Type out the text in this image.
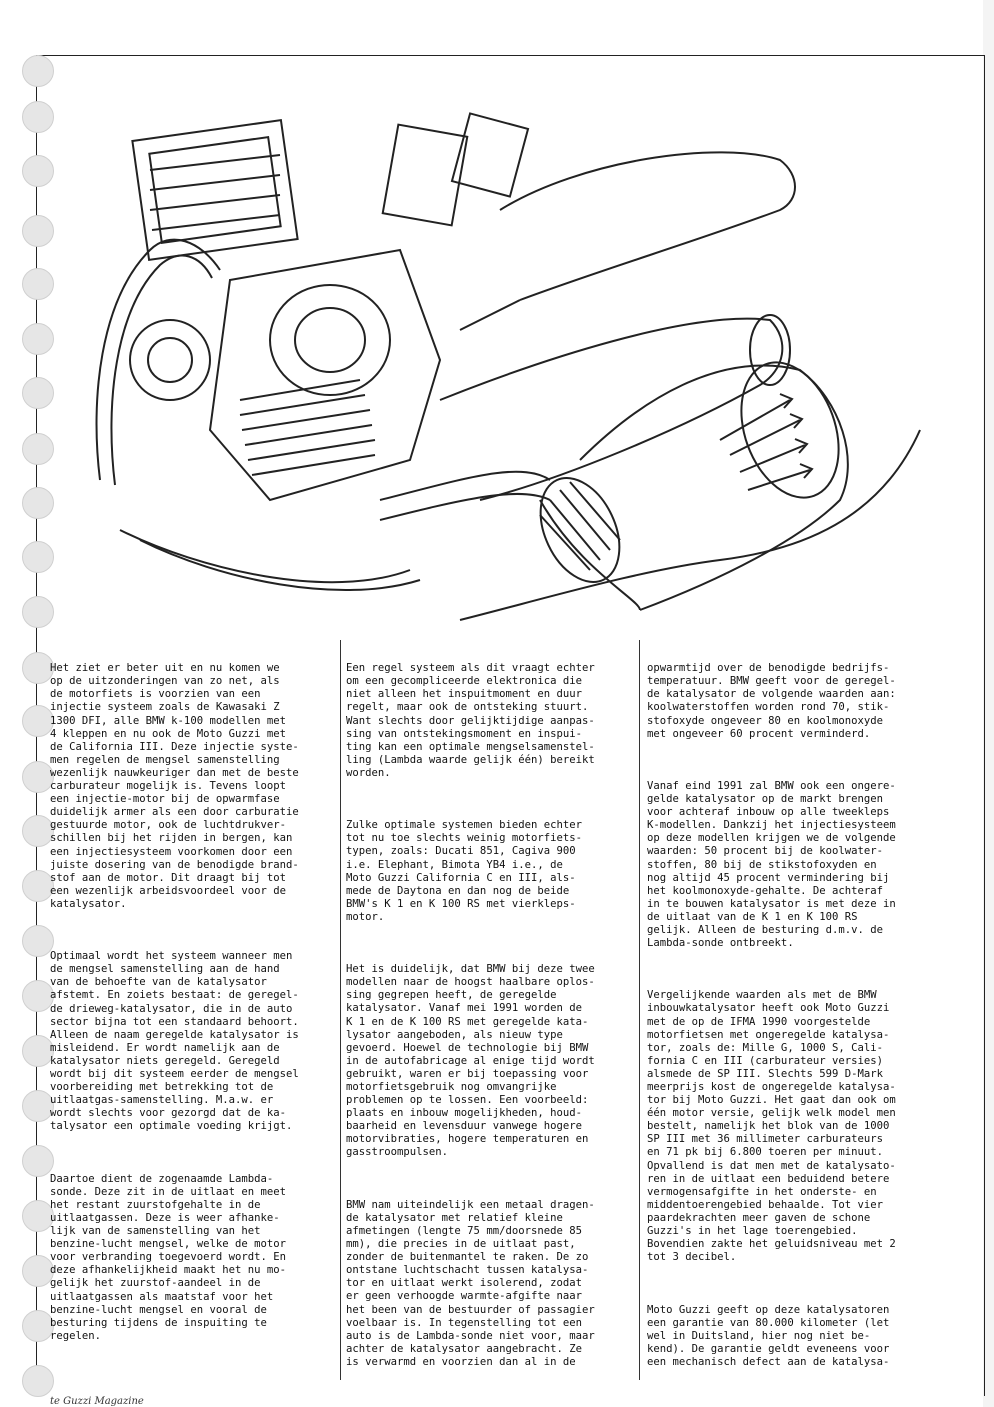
Het ziet er beter uit en nu komen we
op de uitzonderingen van zo net, als
de motorfiets is voorzien van een
injectie systeem zoals de Kawasaki Z
1300 DFI, alle BMW k-100 modellen met
4 kleppen en nu ook de Moto Guzzi met
de California III. Deze injectie syste-
men regelen de mengsel samenstelling
wezenlijk nauwkeuriger dan met de beste
carburateur mogelijk is. Tevens loopt
een injectie-motor bij de opwarmfase
duidelijk armer als een door carburatie
gestuurde motor, ook de luchtdrukver-
schillen bij het rijden in bergen, kan
een injectiesysteem voorkomen door een
juiste dosering van de benodigde brand-
stof aan de motor. Dit draagt bij tot
een wezenlijk arbeidsvoordeel voor de
katalysator.

Optimaal wordt het systeem wanneer men
de mengsel samenstelling aan de hand
van de behoefte van de katalysator
afstemt. En zoiets bestaat: de geregel-
de drieweg-katalysator, die in de auto
sector bijna tot een standaard behoort.
Alleen de naam geregelde katalysator is
misleidend. Er wordt namelijk aan de
katalysator niets geregeld. Geregeld
wordt bij dit systeem eerder de mengsel
voorbereiding met betrekking tot de
uitlaatgas-samenstelling. M.a.w. er
wordt slechts voor gezorgd dat de ka-
talysator een optimale voeding krijgt.

Daartoe dient de zogenaamde Lambda-
sonde. Deze zit in de uitlaat en meet
het restant zuurstofgehalte in de
uitlaatgassen. Deze is weer afhanke-
lijk van de samenstelling van het
benzine-lucht mengsel, welke de motor
voor verbranding toegevoerd wordt. En
deze afhankelijkheid maakt het nu mo-
gelijk het zuurstof-aandeel in de
uitlaatgassen als maatstaf voor het
benzine-lucht mengsel en vooral de
besturing tijdens de inspuiting te
regelen.

Een regel systeem als dit vraagt echter
om een gecompliceerde elektronica die
niet alleen het inspuitmoment en duur
regelt, maar ook de ontsteking stuurt.
Want slechts door gelijktijdige aanpas-
sing van ontstekingsmoment en inspui-
ting kan een optimale mengselsamenstel-
ling (Lambda waarde gelijk één) bereikt
worden.

Zulke optimale systemen bieden echter
tot nu toe slechts weinig motorfiets-
typen, zoals: Ducati 851, Cagiva 900
i.e. Elephant, Bimota YB4 i.e., de
Moto Guzzi California C en III, als-
mede de Daytona en dan nog de beide
BMW's K 1 en K 100 RS met vierkleps-
motor.

Het is duidelijk, dat BMW bij deze twee
modellen naar de hoogst haalbare oplos-
sing gegrepen heeft, de geregelde
katalysator. Vanaf mei 1991 worden de
K 1 en de K 100 RS met geregelde kata-
lysator aangeboden, als nieuw type
gevoerd. Hoewel de technologie bij BMW
in de autofabricage al enige tijd wordt
gebruikt, waren er bij toepassing voor
motorfietsgebruik nog omvangrijke
problemen op te lossen. Een voorbeeld:
plaats en inbouw mogelijkheden, houd-
baarheid en levensduur vanwege hogere
motorvibraties, hogere temperaturen en
gasstroompulsen.

BMW nam uiteindelijk een metaal dragen-
de katalysator met relatief kleine
afmetingen (lengte 75 mm/doorsnede 85
mm), die precies in de uitlaat past,
zonder de buitenmantel te raken. De zo
ontstane luchtschacht tussen katalysa-
tor en uitlaat werkt isolerend, zodat
er geen verhoogde warmte-afgifte naar
het been van de bestuurder of passagier
voelbaar is. In tegenstelling tot een
auto is de Lambda-sonde niet voor, maar
achter de katalysator aangebracht. Ze
is verwarmd en voorzien dan al in de

opwarmtijd over de benodigde bedrijfs-
temperatuur. BMW geeft voor de geregel-
de katalysator de volgende waarden aan:
koolwaterstoffen worden rond 70, stik-
stofoxyde ongeveer 80 en koolmonoxyde
met ongeveer 60 procent verminderd.

Vanaf eind 1991 zal BMW ook een ongere-
gelde katalysator op de markt brengen
voor achteraf inbouw op alle tweekleps
K-modellen. Dankzij het injectiesysteem
op deze modellen krijgen we de volgende
waarden: 50 procent bij de koolwater-
stoffen, 80 bij de stikstofoxyden en
nog altijd 45 procent vermindering bij
het koolmonoxyde-gehalte. De achteraf
in te bouwen katalysator is met deze in
de uitlaat van de K 1 en K 100 RS
gelijk. Alleen de besturing d.m.v. de
Lambda-sonde ontbreekt.

Vergelijkende waarden als met de BMW
inbouwkatalysator heeft ook Moto Guzzi
met de op de IFMA 1990 voorgestelde
motorfietsen met ongeregelde katalysa-
tor, zoals de: Mille G, 1000 S, Cali-
fornia C en III (carburateur versies)
alsmede de SP III. Slechts 599 D-Mark
meerprijs kost de ongeregelde katalysa-
tor bij Moto Guzzi. Het gaat dan ook om
één motor versie, gelijk welk model men
bestelt, namelijk het blok van de 1000
SP III met 36 millimeter carburateurs
en 71 pk bij 6.800 toeren per minuut.
Opvallend is dat men met de katalysato-
ren in de uitlaat een beduidend betere
vermogensafgifte in het onderste- en
middentoerengebied behaalde. Tot vier
paardekrachten meer gaven de schone
Guzzi's in het lage toerengebied.
Bovendien zakte het geluidsniveau met 2
tot 3 decibel.

Moto Guzzi geeft op deze katalysatoren
een garantie van 80.000 kilometer (let
wel in Duitsland, hier nog niet be-
kend). De garantie geldt eveneens voor
een mechanisch defect aan de katalysa-

te Guzzi Magazine
